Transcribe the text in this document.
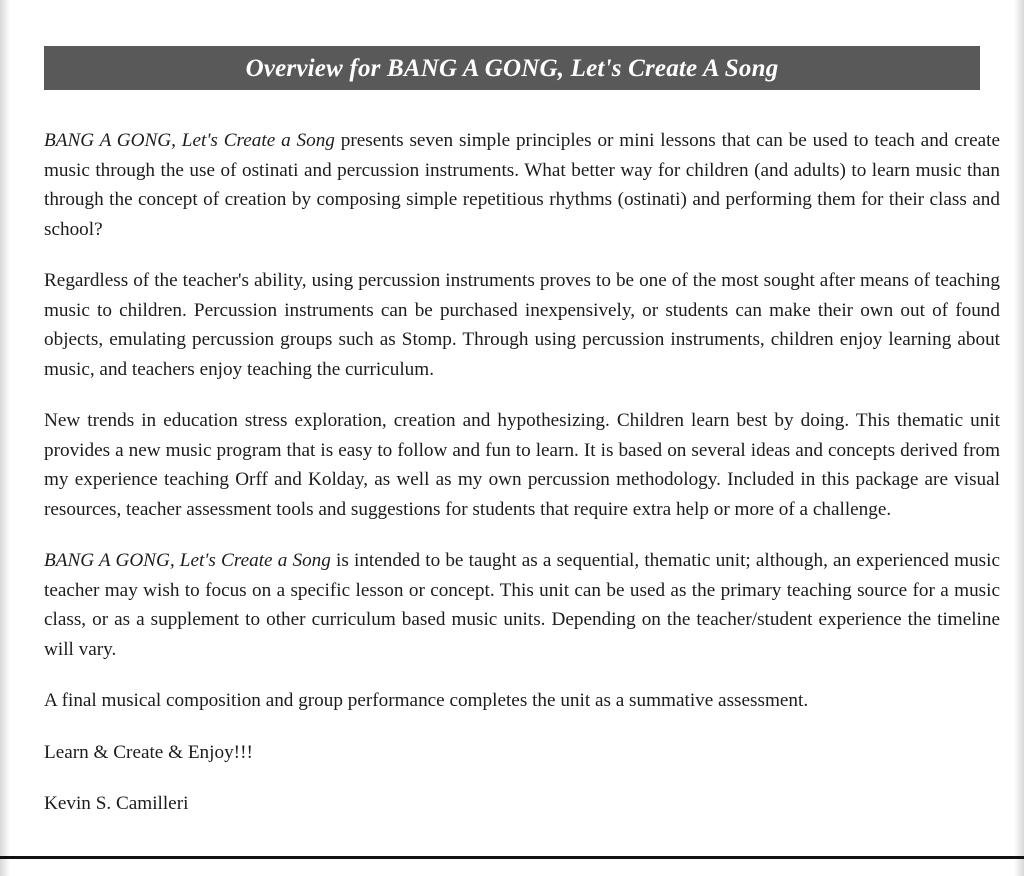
Overview for BANG A GONG, Let's Create A Song

BANG A GONG, Let's Create a Song presents seven simple principles or mini lessons that can be used to teach and create music through the use of ostinati and percussion instruments. What better way for children (and adults) to learn music than through the concept of creation by composing simple repetitious rhythms (ostinati) and performing them for their class and school?

Regardless of the teacher's ability, using percussion instruments proves to be one of the most sought after means of teaching music to children. Percussion instruments can be purchased inexpensively, or students can make their own out of found objects, emulating percussion groups such as Stomp. Through using percussion instruments, children enjoy learning about music, and teachers enjoy teaching the curriculum.

New trends in education stress exploration, creation and hypothesizing. Children learn best by doing. This thematic unit provides a new music program that is easy to follow and fun to learn. It is based on several ideas and concepts derived from my experience teaching Orff and Kolday, as well as my own percussion methodology. Included in this package are visual resources, teacher assessment tools and suggestions for students that require extra help or more of a challenge.

BANG A GONG, Let's Create a Song is intended to be taught as a sequential, thematic unit; although, an experienced music teacher may wish to focus on a specific lesson or concept. This unit can be used as the primary teaching source for a music class, or as a supplement to other curriculum based music units. Depending on the teacher/student experience the timeline will vary.

A final musical composition and group performance completes the unit as a summative assessment.

Learn & Create & Enjoy!!!

Kevin S. Camilleri
